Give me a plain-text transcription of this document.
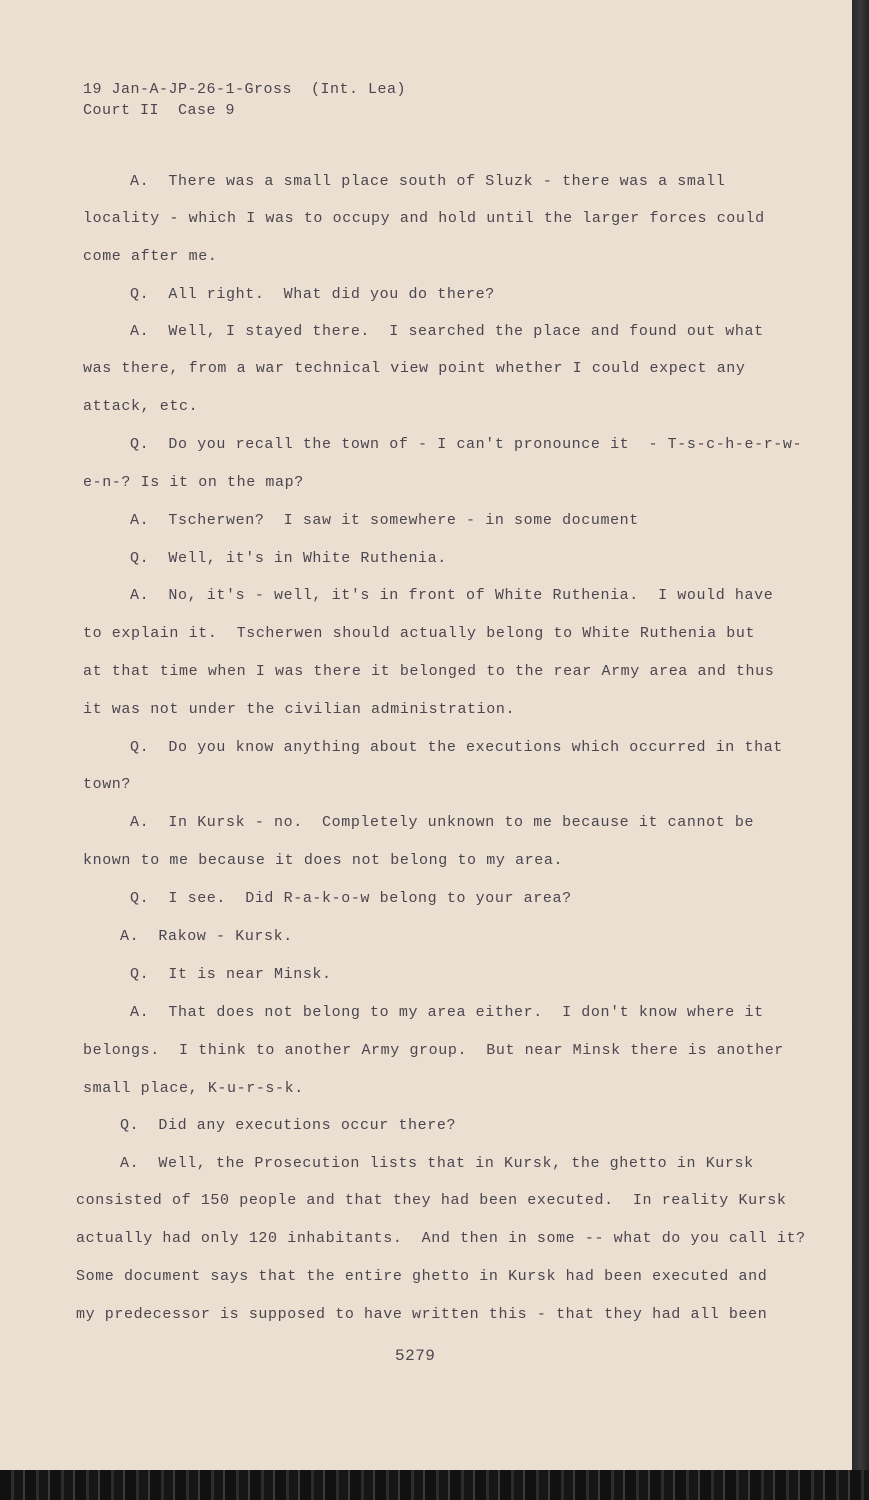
19 Jan-A-JP-26-1-Gross  (Int. Lea)
Court II  Case 9
A.  There was a small place south of Sluzk - there was a small
locality - which I was to occupy and hold until the larger forces could
come after me.
Q.  All right.  What did you do there?
A.  Well, I stayed there.  I searched the place and found out what
was there, from a war technical view point whether I could expect any
attack, etc.
Q.  Do you recall the town of - I can't pronounce it  - T-s-c-h-e-r-w-
e-n-? Is it on the map?
A.  Tscherwen?  I saw it somewhere - in some document
Q.  Well, it's in White Ruthenia.
A.  No, it's - well, it's in front of White Ruthenia.  I would have
to explain it.  Tscherwen should actually belong to White Ruthenia but
at that time when I was there it belonged to the rear Army area and thus
it was not under the civilian administration.
Q.  Do you know anything about the executions which occurred in that
town?
A.  In Kursk - no.  Completely unknown to me because it cannot be
known to me because it does not belong to my area.
Q.  I see.  Did R-a-k-o-w belong to your area?
A.  Rakow - Kursk.
Q.  It is near Minsk.
A.  That does not belong to my area either.  I don't know where it
belongs.  I think to another Army group.  But near Minsk there is another
small place, K-u-r-s-k.
Q.  Did any executions occur there?
A.  Well, the Prosecution lists that in Kursk, the ghetto in Kursk
consisted of 150 people and that they had been executed.  In reality Kursk
actually had only 120 inhabitants.  And then in some -- what do you call it?
Some document says that the entire ghetto in Kursk had been executed and
my predecessor is supposed to have written this - that they had all been
5279
